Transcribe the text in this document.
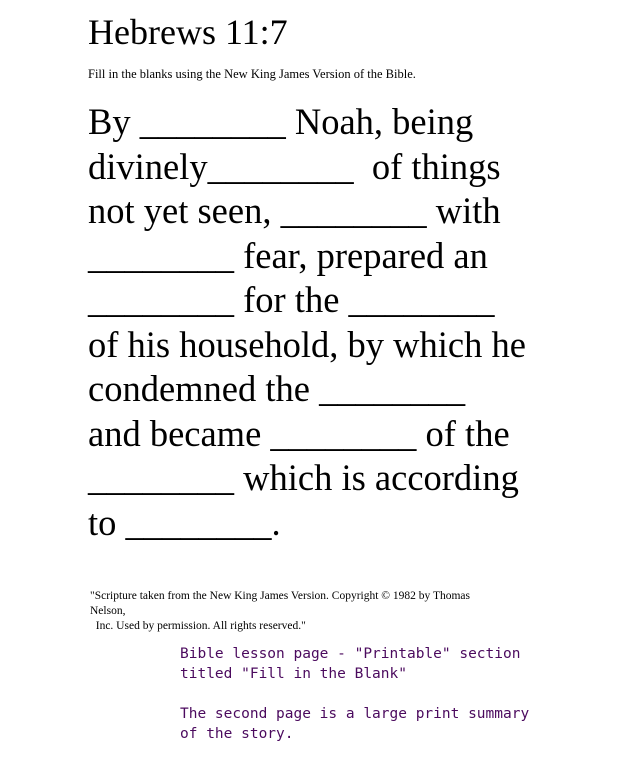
Hebrews 11:7
Fill in the blanks using the New King James Version of the Bible.
By ________ Noah, being
divinely________  of things
not yet seen, ________ with
________ fear, prepared an
________ for the ________
of his household, by which he
condemned the ________
and became ________ of the
________ which is according
to ________.
"Scripture taken from the New King James Version. Copyright © 1982 by Thomas
Nelson,
Inc. Used by permission. All rights reserved."
Bible lesson page - "Printable" section
titled "Fill in the Blank"
The second page is a large print summary
of the story.
